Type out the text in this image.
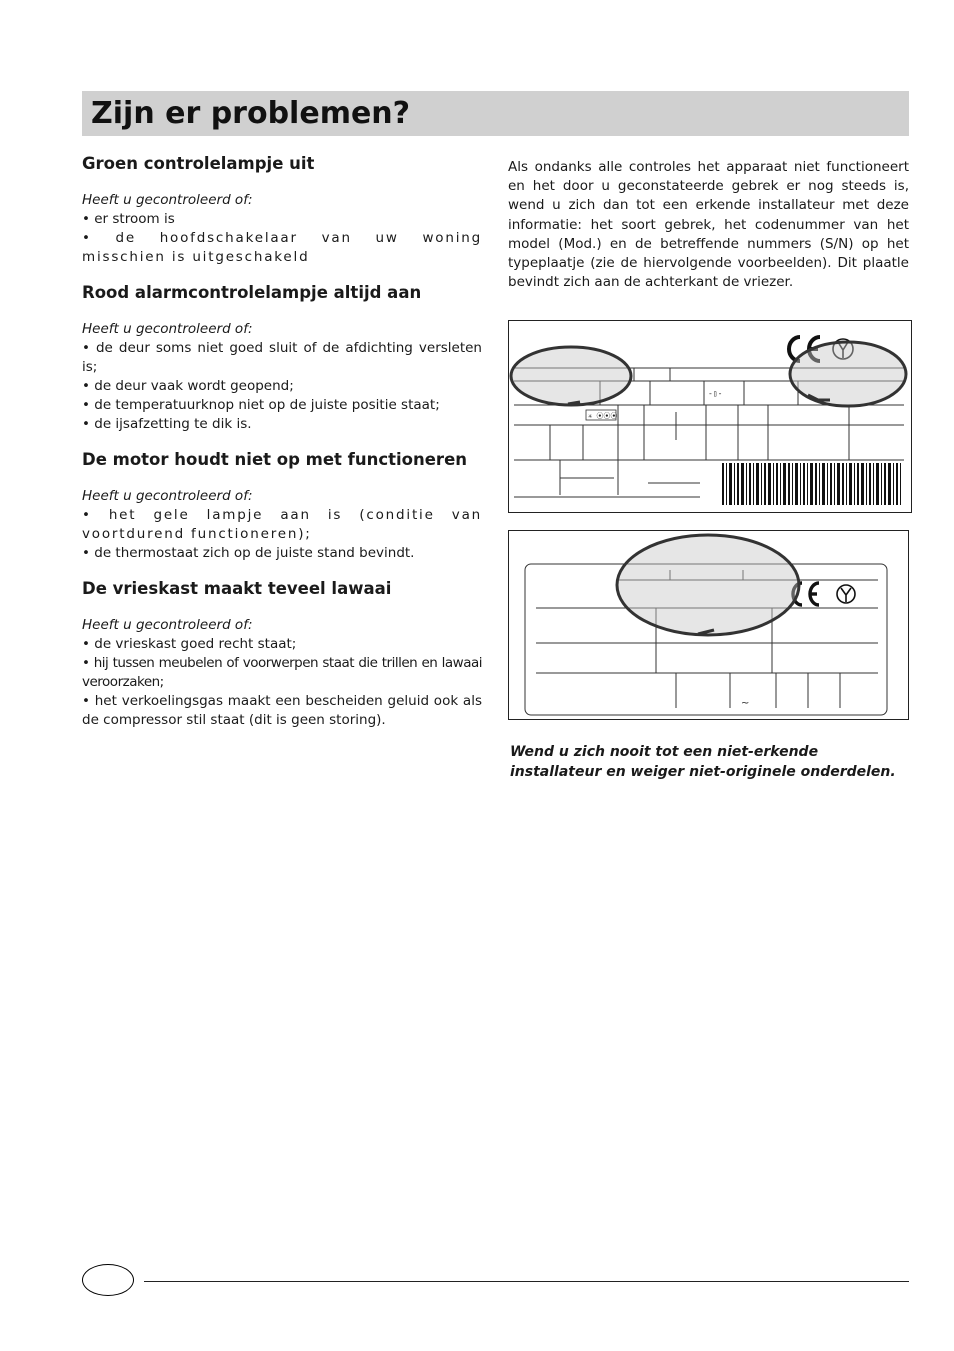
Zijn er problemen?
Groen controlelampje uit
Heeft u gecontroleerd of:
• er stroom is
• de hoofdschakelaar van uw woning misschien is uitgeschakeld
Rood alarmcontrolelampje altijd aan
Heeft u gecontroleerd of:
• de deur soms niet goed sluit of de afdichting versleten is;
• de deur vaak wordt geopend;
• de temperatuurknop niet op de juiste positie staat;
• de ijsafzetting te dik is.
De motor houdt niet op met functioneren
Heeft u gecontroleerd of:
• het gele lampje aan is (conditie van voortdurend functioneren);
• de thermostaat zich op de juiste stand bevindt.
De vrieskast maakt teveel lawaai
Heeft u gecontroleerd of:
• de vrieskast goed recht staat;
• hij tussen meubelen of voorwerpen staat die trillen en lawaai veroorzaken;
• het verkoelingsgas maakt een bescheiden geluid ook als de compressor stil staat (dit is geen storing).

Als ondanks alle controles het apparaat niet functioneert en het door u geconstateerde gebrek er nog steeds is, wend u zich dan tot een erkende installateur met deze informatie: het soort gebrek, het codenummer van het model (Mod.) en de betreffende nummers (S/N) op het typeplaatje (zie de hiervolgende voorbeelden). Dit plaatle bevindt zich aan de achterkant de vriezer.

✳ ⦿⦿⦿
-▯-
~
Wend u zich nooit tot een niet-erkende installateur en weiger niet-originele onderdelen.
